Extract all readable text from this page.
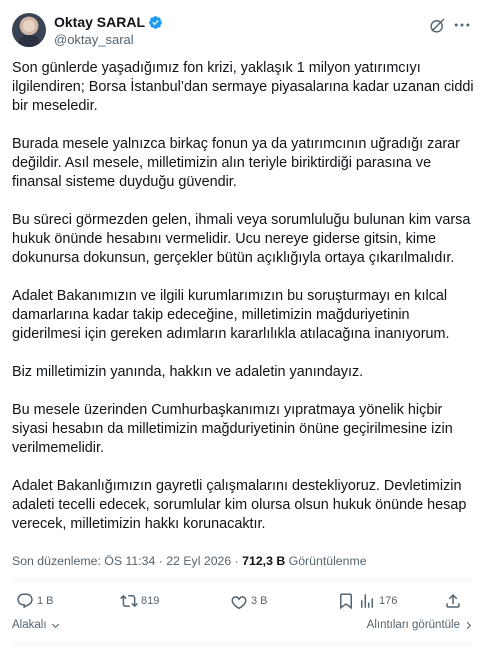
Oktay SARAL
@oktay_saral

Son günlerde yaşadığımız fon krizi, yaklaşık 1 milyon yatırımcıyı ilgilendiren; Borsa İstanbul’dan sermaye piyasalarına kadar uzanan ciddi bir meseledir.

Burada mesele yalnızca birkaç fonun ya da yatırımcının uğradığı zarar değildir. Asıl mesele, milletimizin alın teriyle biriktirdiği parasına ve finansal sisteme duyduğu güvendir.

Bu süreci görmezden gelen, ihmali veya sorumluluğu bulunan kim varsa hukuk önünde hesabını vermelidir. Ucu nereye giderse gitsin, kime dokunursa dokunsun, gerçekler bütün açıklığıyla ortaya çıkarılmalıdır.

Adalet Bakanımızın ve ilgili kurumlarımızın bu soruşturmayı en kılcal damarlarına kadar takip edeceğine, milletimizin mağduriyetinin giderilmesi için gereken adımların kararlılıkla atılacağına inanıyorum.

Biz milletimizin yanında, hakkın ve adaletin yanındayız.

Bu mesele üzerinden Cumhurbaşkanımızı yıpratmaya yönelik hiçbir siyasi hesabın da milletimizin mağduriyetinin önüne geçirilmesine izin verilmemelidir.

Adalet Bakanlığımızın gayretli çalışmalarını destekliyoruz. Devletimizin adaleti tecelli edecek, sorumlular kim olursa olsun hukuk önünde hesap verecek, milletimizin hakkı korunacaktır.

Son düzenleme: ÖS 11:34 · 22 Eyl 2026 · 712,3 B Görüntülenme
1 B	819	3 B	176
Alakalı	Alıntıları görüntüle
